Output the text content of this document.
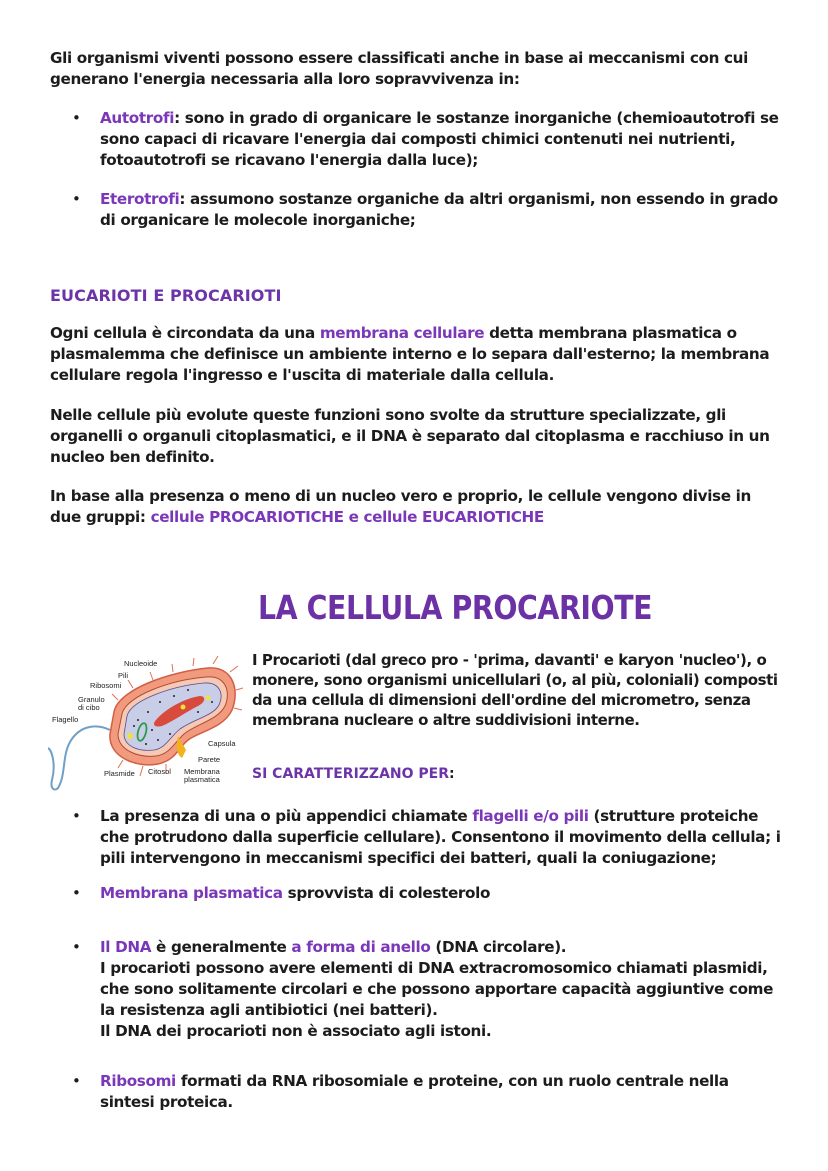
Gli organismi viventi possono essere classificati anche in base ai meccanismi con cui generano l'energia necessaria alla loro sopravvivenza in:

•	Autotrofi: sono in grado di organicare le sostanze inorganiche (chemioautotrofi se sono capaci di ricavare l'energia dai composti chimici contenuti nei nutrienti, fotoautotrofi se ricavano l'energia dalla luce);
•	Eterotrofi: assumono sostanze organiche da altri organismi, non essendo in grado di organicare le molecole inorganiche;
EUCARIOTI E PROCARIOTI

Ogni cellula è circondata da una membrana cellulare detta membrana plasmatica o plasmalemma che definisce un ambiente interno e lo separa dall'esterno; la membrana cellulare regola l'ingresso e l'uscita di materiale dalla cellula.

Nelle cellule più evolute queste funzioni sono svolte da strutture specializzate, gli organelli o organuli citoplasmatici, e il DNA è separato dal citoplasma e racchiuso in un nucleo ben definito.

In base alla presenza o meno di un nucleo vero e proprio, le cellule vengono divise in due gruppi: cellule PROCARIOTICHE e cellule EUCARIOTICHE

LA CELLULA PROCARIOTE
Nucleoide
Pili
Ribosomi
Granulo
di cibo
Flagello
Capsula
Parete
Membrana
plasmatica
Plasmide Citosol

I Procarioti (dal greco pro - 'prima, davanti' e karyon 'nucleo'), o monere, sono organismi unicellulari (o, al più, coloniali) composti da una cellula di dimensioni dell'ordine del micrometro, senza membrana nucleare o altre suddivisioni interne.

SI CARATTERIZZANO PER:
•	La presenza di una o più appendici chiamate flagelli e/o pili (strutture proteiche che protrudono dalla superficie cellulare). Consentono il movimento della cellula; i pili intervengono in meccanismi specifici dei batteri, quali la coniugazione;
•	Membrana plasmatica sprovvista di colesterolo
•	Il DNA è generalmente a forma di anello (DNA circolare).
I procarioti possono avere elementi di DNA extracromosomico chiamati plasmidi, che sono solitamente circolari e che possono apportare capacità aggiuntive come la resistenza agli antibiotici (nei batteri).
Il DNA dei procarioti non è associato agli istoni.
•	Ribosomi formati da RNA ribosomiale e proteine, con un ruolo centrale nella sintesi proteica.
